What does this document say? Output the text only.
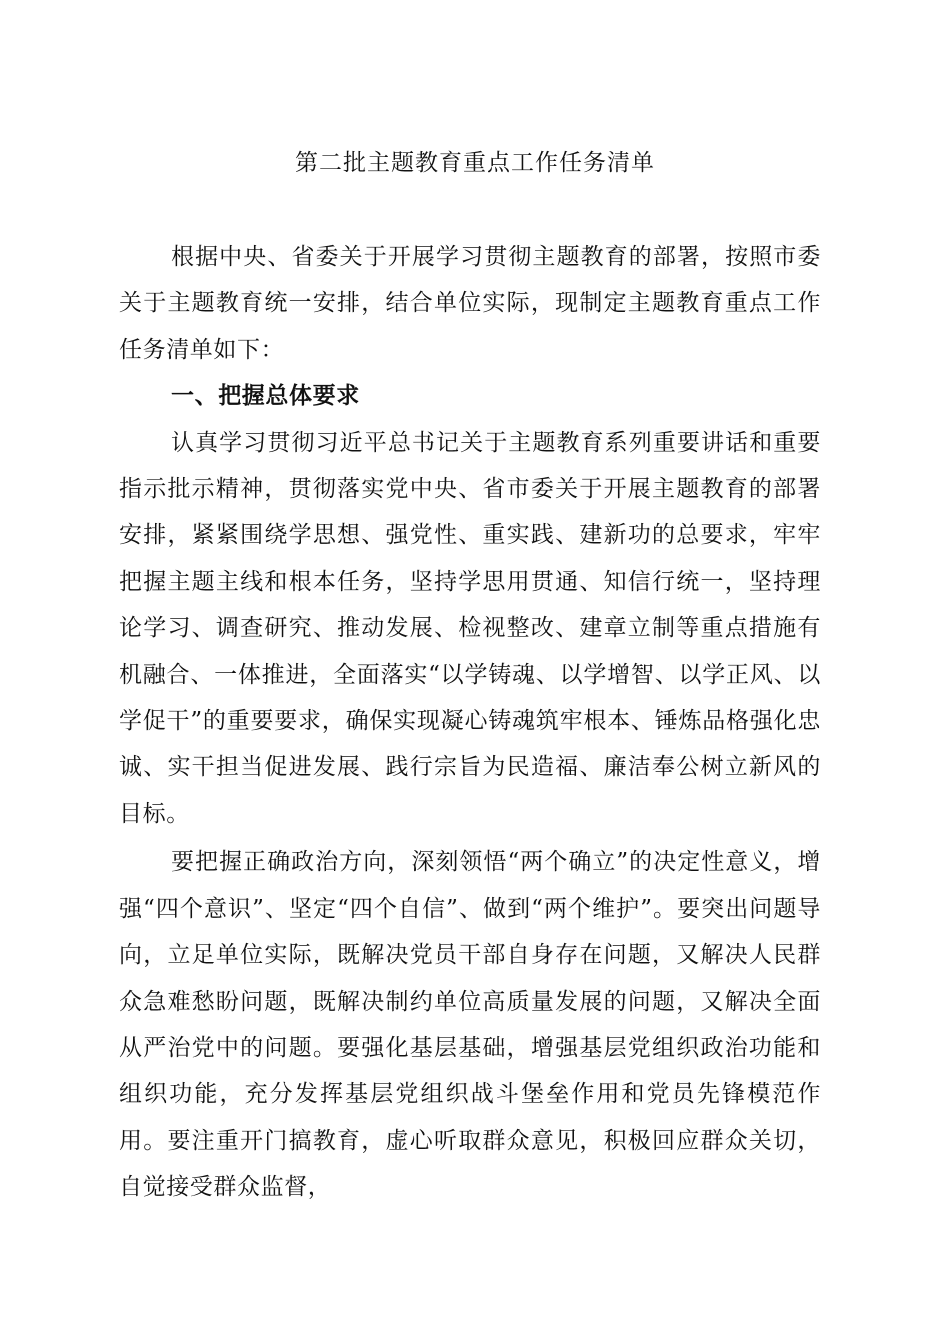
第二批主题教育重点工作任务清单

根据中央、省委关于开展学习贯彻主题教育的部署，按照市委关于主题教育统一安排，结合单位实际，现制定主题教育重点工作任务清单如下：

一、把握总体要求

认真学习贯彻习近平总书记关于主题教育系列重要讲话和重要指示批示精神，贯彻落实党中央、省市委关于开展主题教育的部署安排，紧紧围绕学思想、强党性、重实践、建新功的总要求，牢牢把握主题主线和根本任务，坚持学思用贯通、知信行统一，坚持理论学习、调查研究、推动发展、检视整改、建章立制等重点措施有机融合、一体推进，全面落实“以学铸魂、以学增智、以学正风、以学促干”的重要要求，确保实现凝心铸魂筑牢根本、锤炼品格强化忠诚、实干担当促进发展、践行宗旨为民造福、廉洁奉公树立新风的目标。

要把握正确政治方向，深刻领悟“两个确立”的决定性意义，增强“四个意识”、坚定“四个自信”、做到“两个维护”。要突出问题导向，立足单位实际，既解决党员干部自身存在问题，又解决人民群众急难愁盼问题，既解决制约单位高质量发展的问题，又解决全面从严治党中的问题。要强化基层基础，增强基层党组织政治功能和组织功能，充分发挥基层党组织战斗堡垒作用和党员先锋模范作用。要注重开门搞教育，虚心听取群众意见，积极回应群众关切，自觉接受群众监督，
